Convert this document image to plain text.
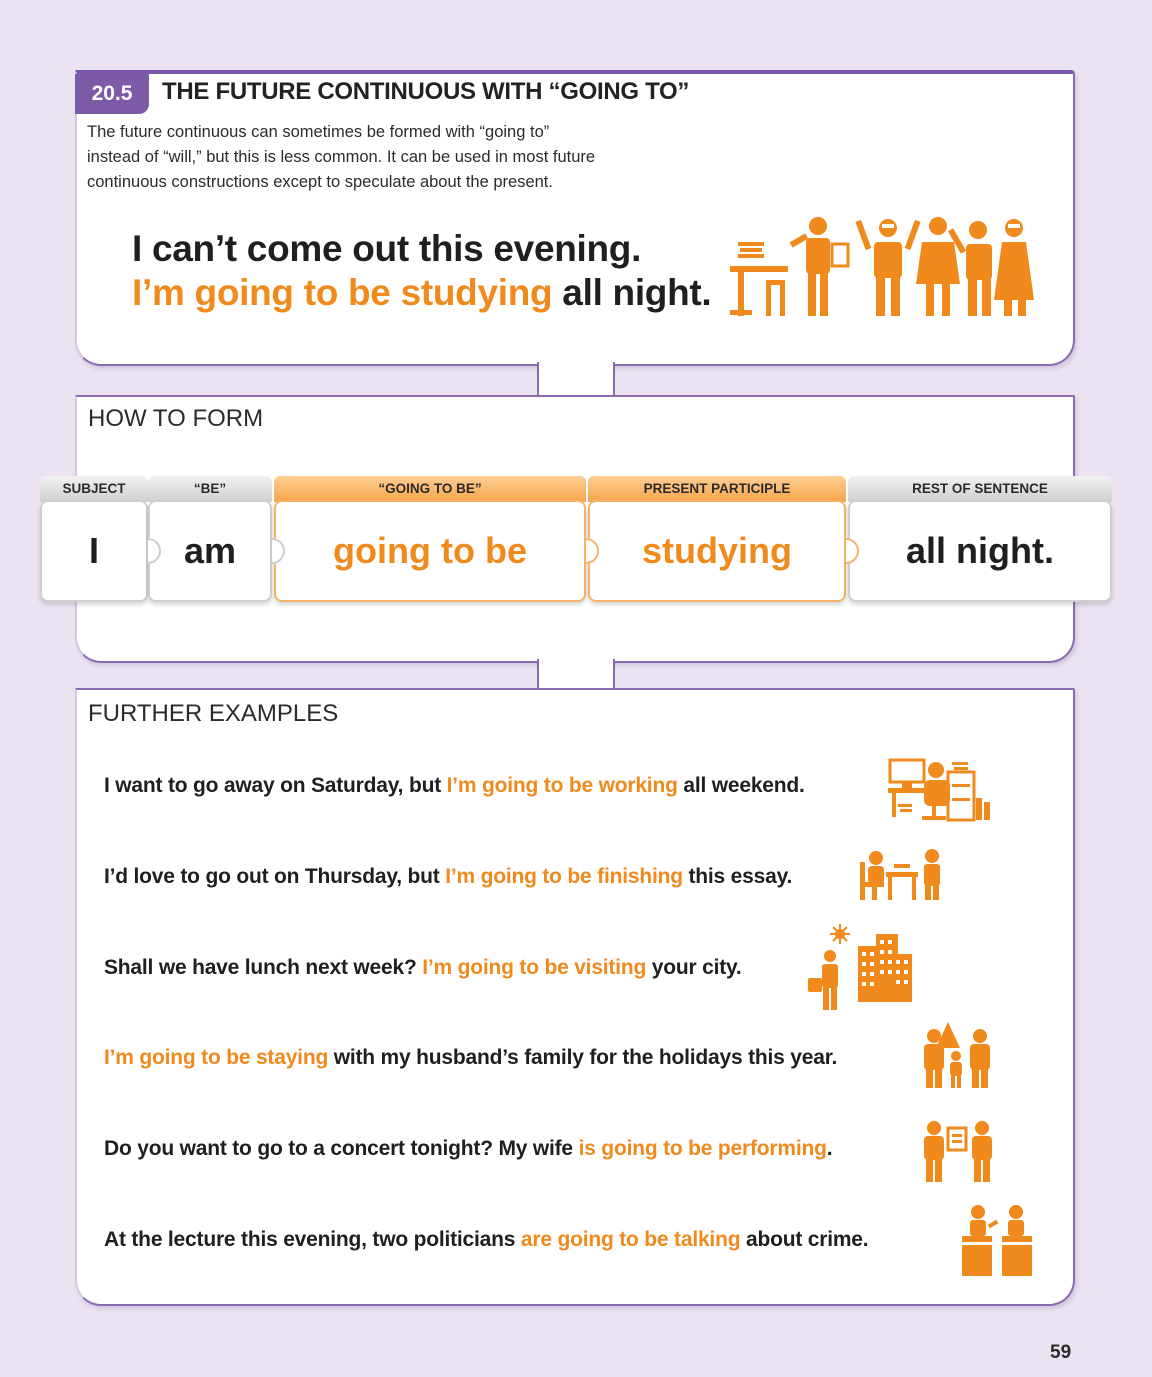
20.5	THE FUTURE CONTINUOUS WITH “GOING TO”
The future continuous can sometimes be formed with “going to”
instead of “will,” but this is less common. It can be used in most future
continuous constructions except to speculate about the present.
I can’t come out this evening.
I’m going to be studying all night.
HOW TO FORM
SUBJECT	“BE”	“GOING TO BE”	PRESENT PARTICIPLE	REST OF SENTENCE
I	am	going to be	studying	all night.
FURTHER EXAMPLES
I want to go away on Saturday, but I’m going to be working all weekend.
I’d love to go out on Thursday, but I’m going to be finishing this essay.
Shall we have lunch next week? I’m going to be visiting your city.
I’m going to be staying with my husband’s family for the holidays this year.
Do you want to go to a concert tonight? My wife is going to be performing.
At the lecture this evening, two politicians are going to be talking about crime.
59
